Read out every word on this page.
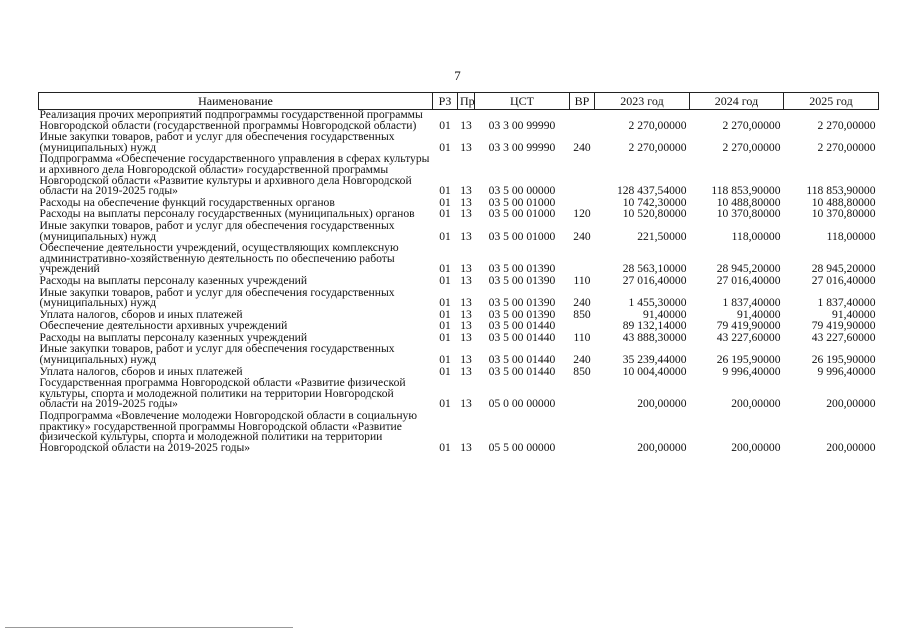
7
Наименование	РЗ	Пр	ЦСТ	ВР	2023 год	2024 год	2025 год
Реализация прочих мероприятий подпрограммы государственной программы Новгородской области (государственной программы Новгородской области)	01	13	03 3 00 99990		2 270,00000	2 270,00000	2 270,00000
Иные закупки товаров, работ и услуг для обеспечения государственных (муниципальных) нужд	01	13	03 3 00 99990	240	2 270,00000	2 270,00000	2 270,00000
Подпрограмма «Обеспечение государственного управления в сферах культуры и архивного дела Новгородской области» государственной программы Новгородской области «Развитие культуры и архивного дела Новгородской области на 2019-2025 годы»	01	13	03 5 00 00000		128 437,54000	118 853,90000	118 853,90000
Расходы на обеспечение функций государственных органов	01	13	03 5 00 01000		10 742,30000	10 488,80000	10 488,80000
Расходы на выплаты персоналу государственных (муниципальных) органов	01	13	03 5 00 01000	120	10 520,80000	10 370,80000	10 370,80000
Иные закупки товаров, работ и услуг для обеспечения государственных (муниципальных) нужд	01	13	03 5 00 01000	240	221,50000	118,00000	118,00000
Обеспечение деятельности учреждений, осуществляющих комплексную административно-хозяйственную деятельность по обеспечению работы учреждений	01	13	03 5 00 01390		28 563,10000	28 945,20000	28 945,20000
Расходы на выплаты персоналу казенных учреждений	01	13	03 5 00 01390	110	27 016,40000	27 016,40000	27 016,40000
Иные закупки товаров, работ и услуг для обеспечения государственных (муниципальных) нужд	01	13	03 5 00 01390	240	1 455,30000	1 837,40000	1 837,40000
Уплата налогов, сборов и иных платежей	01	13	03 5 00 01390	850	91,40000	91,40000	91,40000
Обеспечение деятельности архивных учреждений	01	13	03 5 00 01440		89 132,14000	79 419,90000	79 419,90000
Расходы на выплаты персоналу казенных учреждений	01	13	03 5 00 01440	110	43 888,30000	43 227,60000	43 227,60000
Иные закупки товаров, работ и услуг для обеспечения государственных (муниципальных) нужд	01	13	03 5 00 01440	240	35 239,44000	26 195,90000	26 195,90000
Уплата налогов, сборов и иных платежей	01	13	03 5 00 01440	850	10 004,40000	9 996,40000	9 996,40000
Государственная программа Новгородской области «Развитие физической культуры, спорта и молодежной политики на территории Новгородской области на 2019-2025 годы»	01	13	05 0 00 00000		200,00000	200,00000	200,00000
Подпрограмма «Вовлечение молодежи Новгородской области в социальную практику» государственной программы Новгородской области «Развитие физической культуры, спорта и молодежной политики на территории Новгородской области на 2019-2025 годы»	01	13	05 5 00 00000		200,00000	200,00000	200,00000
